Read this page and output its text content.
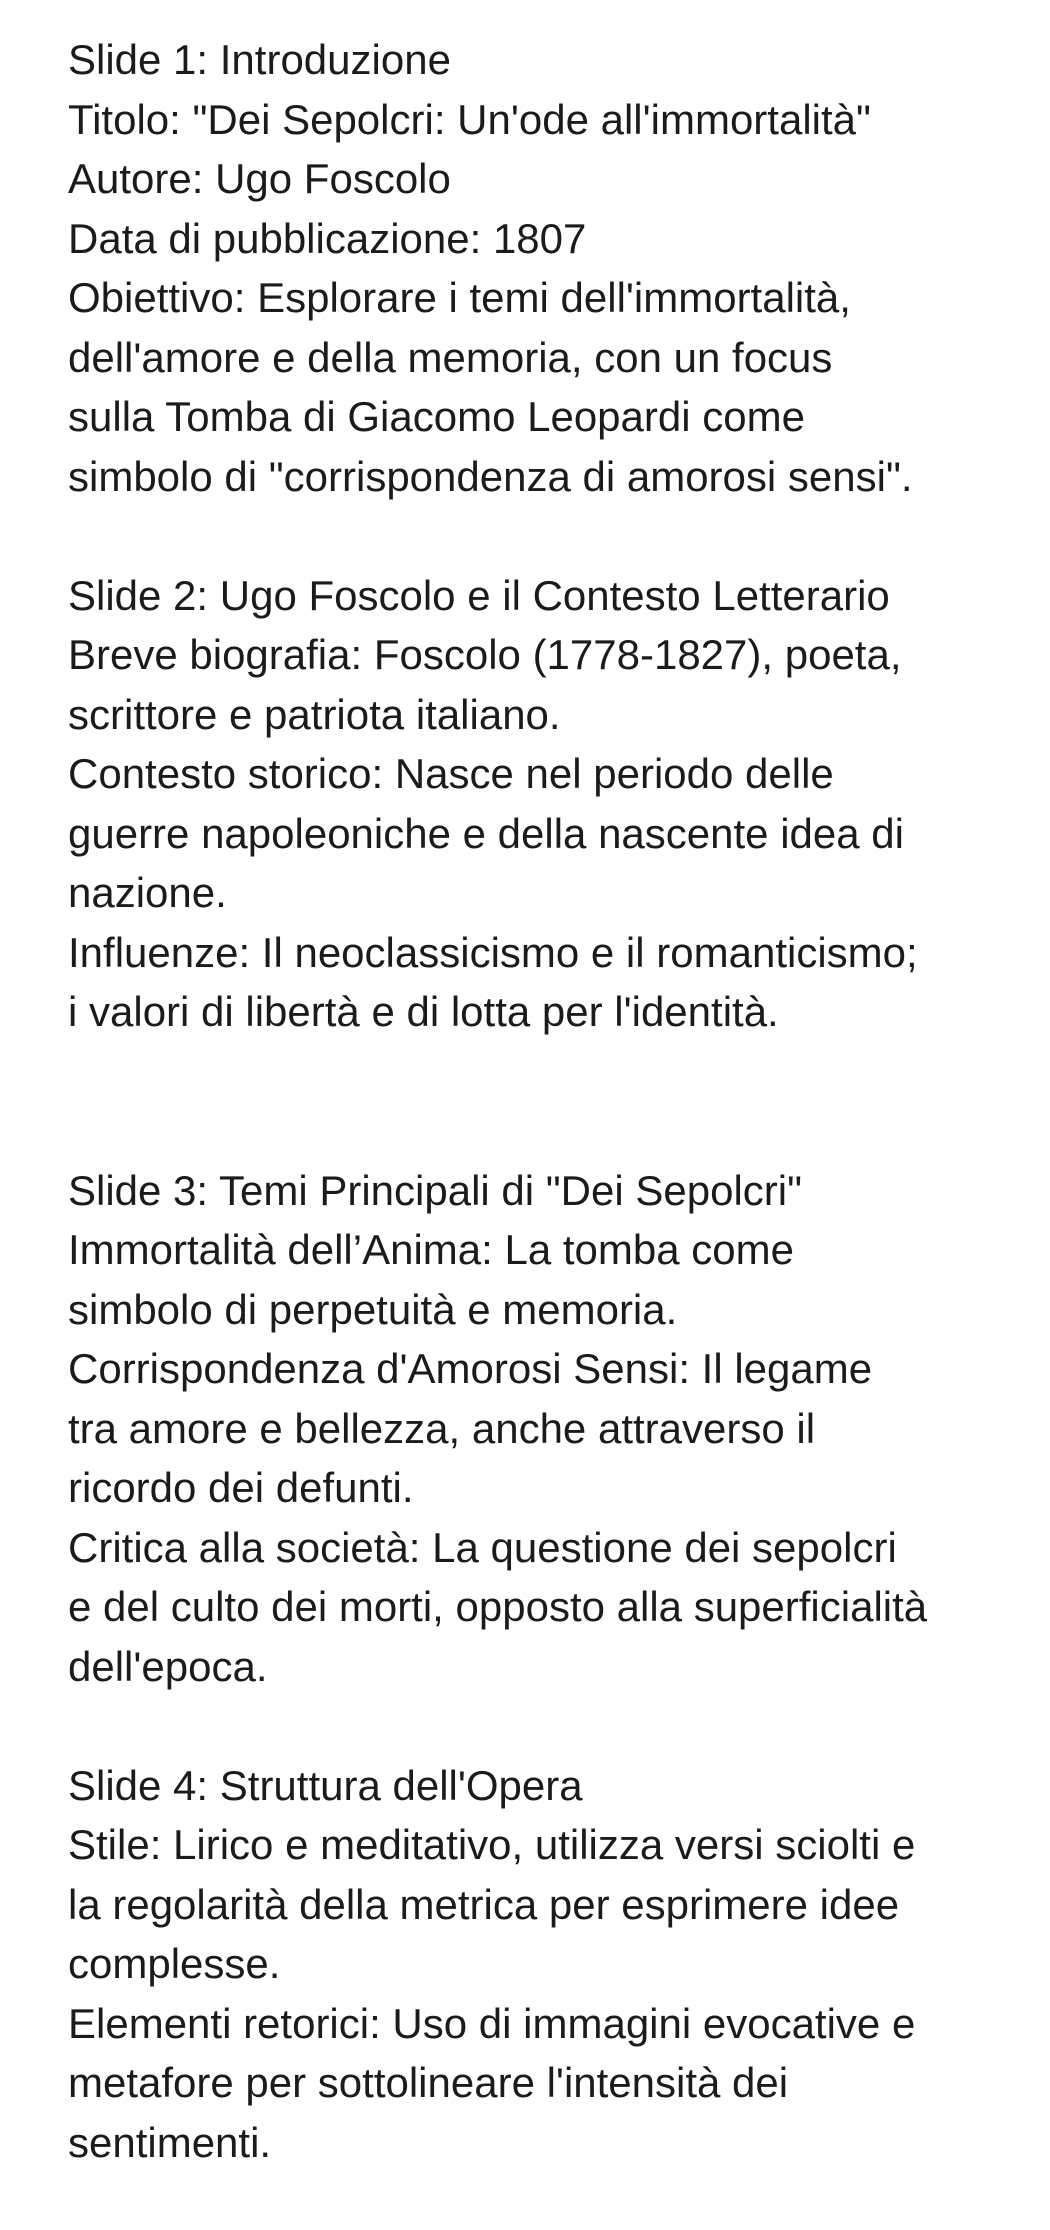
Slide 1: Introduzione
Titolo: "Dei Sepolcri: Un'ode all'immortalità"
Autore: Ugo Foscolo
Data di pubblicazione: 1807
Obiettivo: Esplorare i temi dell'immortalità,
dell'amore e della memoria, con un focus
sulla Tomba di Giacomo Leopardi come
simbolo di "corrispondenza di amorosi sensi".
Slide 2: Ugo Foscolo e il Contesto Letterario
Breve biografia: Foscolo (1778-1827), poeta,
scrittore e patriota italiano.
Contesto storico: Nasce nel periodo delle
guerre napoleoniche e della nascente idea di
nazione.
Influenze: Il neoclassicismo e il romanticismo;
i valori di libertà e di lotta per l'identità.
Slide 3: Temi Principali di "Dei Sepolcri"
Immortalità dell’Anima: La tomba come
simbolo di perpetuità e memoria.
Corrispondenza d'Amorosi Sensi: Il legame
tra amore e bellezza, anche attraverso il
ricordo dei defunti.
Critica alla società: La questione dei sepolcri
e del culto dei morti, opposto alla superficialità
dell'epoca.
Slide 4: Struttura dell'Opera
Stile: Lirico e meditativo, utilizza versi sciolti e
la regolarità della metrica per esprimere idee
complesse.
Elementi retorici: Uso di immagini evocative e
metafore per sottolineare l'intensità dei
sentimenti.
